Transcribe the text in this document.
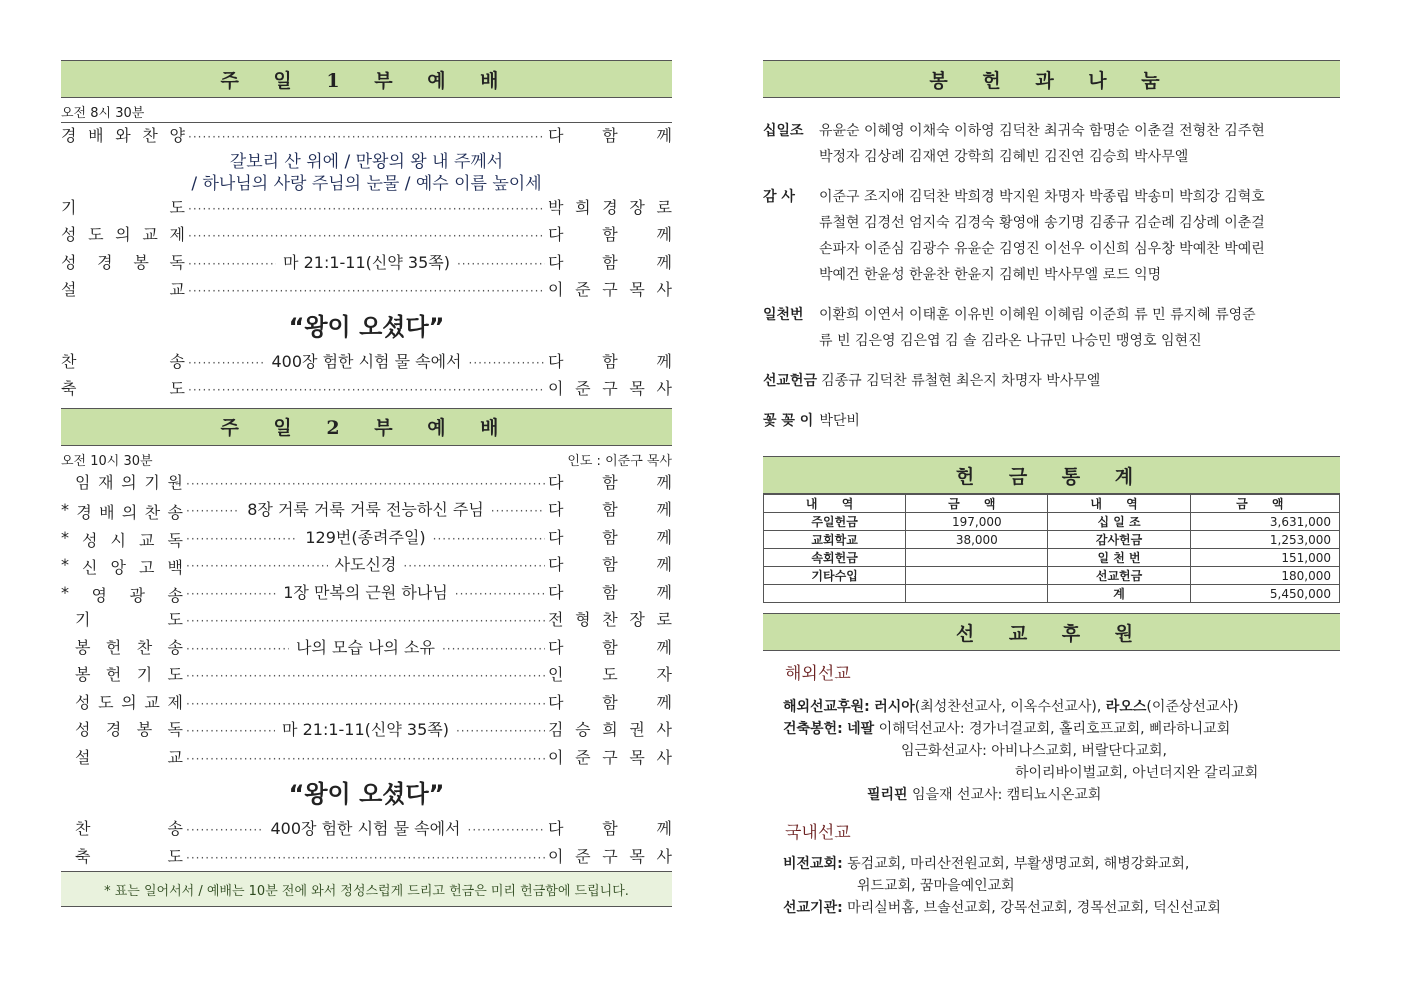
주 일 1 부 예 배
오전 8시 30분
경 배 와 찬 양 ·····	다 함 께
갈보리 산 위에 / 만왕의 왕 내 주께서
/ 하나님의 사랑 주님의 눈물 / 예수 이름 높이세
기	도 ·····	박 희 경 장 로
성 도 의 교 제 ·····	다 함 께
성 경 봉 독 ·····	마 21:1-11(신약 35쪽) ·····	다 함 께
설	교 ·····	이 준 구 목 사
“왕이 오셨다”
찬	송 ·····	400장 험한 시험 물 속에서 ·····	다 함 께
축	도 ·····	이 준 구 목 사
주 일 2 부 예 배
오전 10시 30분	인도 : 이준구 목사
임 재 의 기 원 ·····	다 함 께
* 경 배 의 찬 송 ·····	8장 거룩 거룩 거룩 전능하신 주님 ·····	다 함 께
* 성 시 교 독 ·····	129번(종려주일) ·····	다 함 께
* 신 앙 고 백 ·····	사도신경 ·····	다 함 께
* 영 광 송 ·····	1장 만복의 근원 하나님 ·····	다 함 께
기	도 ·····	전 형 찬 장 로
봉 헌 찬 송 ·····	나의 모습 나의 소유 ·····	다 함 께
봉 헌 기 도 ·····	인 도 자
성 도 의 교 제 ·····	다 함 께
성 경 봉 독 ·····	마 21:1-11(신약 35쪽) ·····	김 승 희 권 사
설	교 ·····	이 준 구 목 사
“왕이 오셨다”
찬	송 ·····	400장 험한 시험 물 속에서 ·····	다 함 께
축	도 ·····	이 준 구 목 사
* 표는 일어서서 / 예배는 10분 전에 와서 정성스럽게 드리고 헌금은 미리 헌금함에 드립니다.
봉 헌 과 나 눔
십일조	유윤순 이혜영 이채숙 이하영 김덕찬 최귀숙 함명순 이춘걸 전형찬 김주현
박정자 김상례 김재연 강학희 김혜빈 김진연 김승희 박사무엘
감 사	이준구 조지애 김덕찬 박희경 박지원 차명자 박종립 박송미 박희강 김혁호
류철현 김경선 엄지숙 김경숙 황영애 송기명 김종규 김순례 김상례 이춘걸
손파자 이준심 김광수 유윤순 김영진 이선우 이신희 심우창 박예찬 박예린
박예건 한윤성 한윤찬 한윤지 김혜빈 박사무엘 로드 익명
일천번	이환희 이연서 이태훈 이유빈 이혜원 이혜림 이준희 류 민 류지혜 류영준
류 빈 김은영 김은엽 김 솔 김라온 나규민 나승민 맹영호 임현진
선교헌금 김종규 김덕찬 류철현 최은지 차명자 박사무엘
꽃 꽂 이 박단비
헌 금 통 계
내 역	금 액	내 역	금 액
주일헌금	197,000	십 일 조	3,631,000
교회학교	38,000	감사헌금	1,253,000
속회헌금		일 천 번	151,000
기타수입		선교헌금	180,000
		계	5,450,000
선 교 후 원
해외선교
해외선교후원: 러시아(최성찬선교사, 이옥수선교사), 라오스(이준상선교사)
건축봉헌: 네팔 이해덕선교사: 경가너걸교회, 홀리호프교회, 삐라하니교회
임근화선교사: 아비나스교회, 버랄단다교회,
하이리바이벌교회, 아넌더지완 갈리교회
필리핀 임을재 선교사: 캠티뇨시온교회
국내선교
비전교회: 동검교회, 마리산전원교회, 부활생명교회, 해병강화교회,
위드교회, 꿈마을예인교회
선교기관: 마리실버홈, 브솔선교회, 강목선교회, 경목선교회, 덕신선교회
